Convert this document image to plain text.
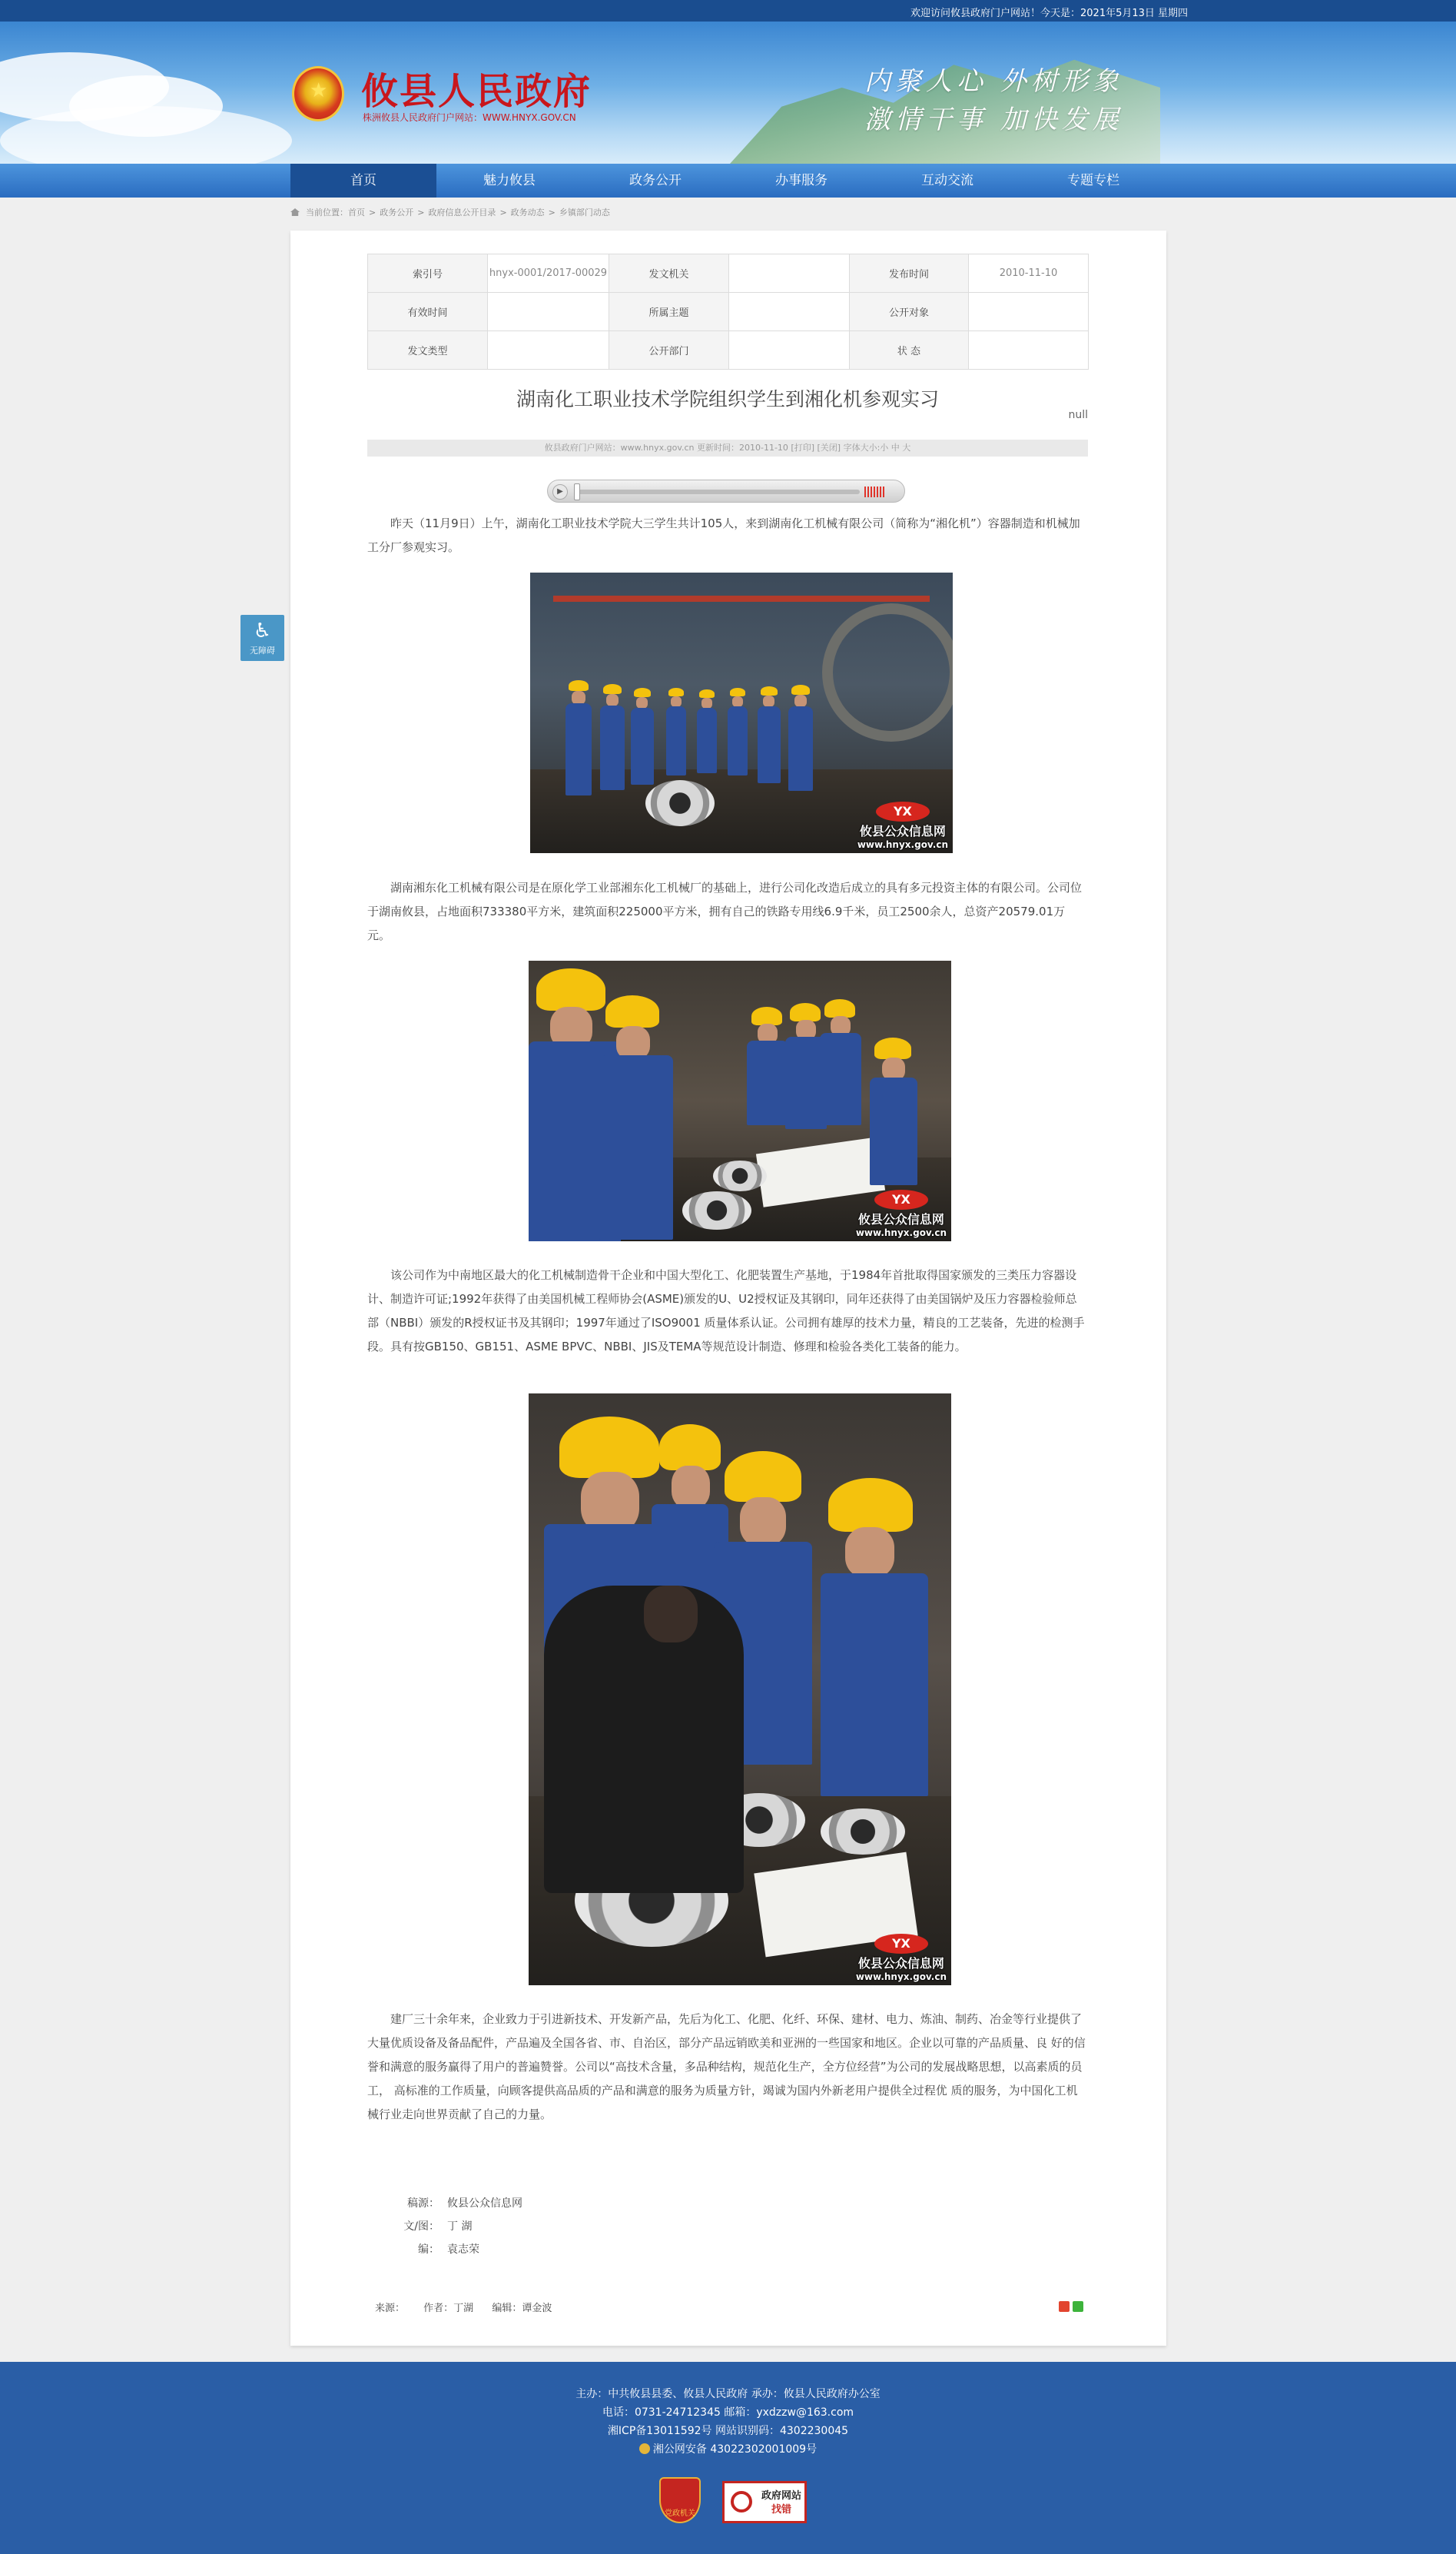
欢迎访问攸县政府门户网站！今天是：2021年5月13日 星期四
★ 攸县人民政府
株洲攸县人民政府门户网站：WWW.HNYX.GOV.CN
内聚人心 外树形象
激情干事 加快发展
首页	魅力攸县	政务公开	办事服务	互动交流	专题专栏
当前位置：首页 > 政务公开 > 政府信息公开目录 > 政务动态 > 乡镇部门动态
♿
无障碍
索引号	hnyx-0001/2017-00029	发文机关		发布时间	2010-11-10
有效时间		所属主题		公开对象	
发文类型		公开部门		状 态	
湖南化工职业技术学院组织学生到湘化机参观实习
null
攸县政府门户网站：www.hnyx.gov.cn 更新时间：2010-11-10 [打印] [关闭] 字体大小:小 中 大
▶

昨天（11月9日）上午，湖南化工职业技术学院大三学生共计105人，来到湖南化工机械有限公司（简称为“湘化机”）容器制造和机械加工分厂参观实习。

YX
攸县公众信息网
www.hnyx.gov.cn

湖南湘东化工机械有限公司是在原化学工业部湘东化工机械厂的基础上，进行公司化改造后成立的具有多元投资主体的有限公司。公司位于湖南攸县，占地面积733380平方米，建筑面积225000平方米，拥有自己的铁路专用线6.9千米，员工2500余人，总资产20579.01万元。

YX
攸县公众信息网
www.hnyx.gov.cn

该公司作为中南地区最大的化工机械制造骨干企业和中国大型化工、化肥装置生产基地，于1984年首批取得国家颁发的三类压力容器设计、制造许可证;1992年获得了由美国机械工程师协会(ASME)颁发的U、U2授权证及其钢印，同年还获得了由美国锅炉及压力容器检验师总部（NBBI）颁发的R授权证书及其钢印；1997年通过了ISO9001 质量体系认证。公司拥有雄厚的技术力量，精良的工艺装备，先进的检测手段。具有按GB150、GB151、ASME BPVC、NBBI、JIS及TEMA等规范设计制造、修理和检验各类化工装备的能力。

YX
攸县公众信息网
www.hnyx.gov.cn

建厂三十余年来，企业致力于引进新技术、开发新产品，先后为化工、化肥、化纤、环保、建材、电力、炼油、制药、冶金等行业提供了大量优质设备及备品配件，产品遍及全国各省、市、自治区，部分产品远销欧美和亚洲的一些国家和地区。企业以可靠的产品质量、良 好的信誉和满意的服务赢得了用户的普遍赞誉。公司以“高技术含量，多品种结构，规范化生产，全方位经营”为公司的发展战略思想，以高素质的员工， 高标准的工作质量，向顾客提供高品质的产品和满意的服务为质量方针，竭诚为国内外新老用户提供全过程优 质的服务，为中国化工机械行业走向世界贡献了自己的力量。

稿源： 攸县公众信息网
文/图： 丁 湖
编： 袁志荣
来源： 作者：丁湖 编辑：谭金波
主办：中共攸县县委、攸县人民政府 承办：攸县人民政府办公室
电话：0731-24712345 邮箱：yxdzzw@163.com
湘ICP备13011592号 网站识别码：4302230045
湘公网安备 43022302001009号
党政机关
政府网站
找错
